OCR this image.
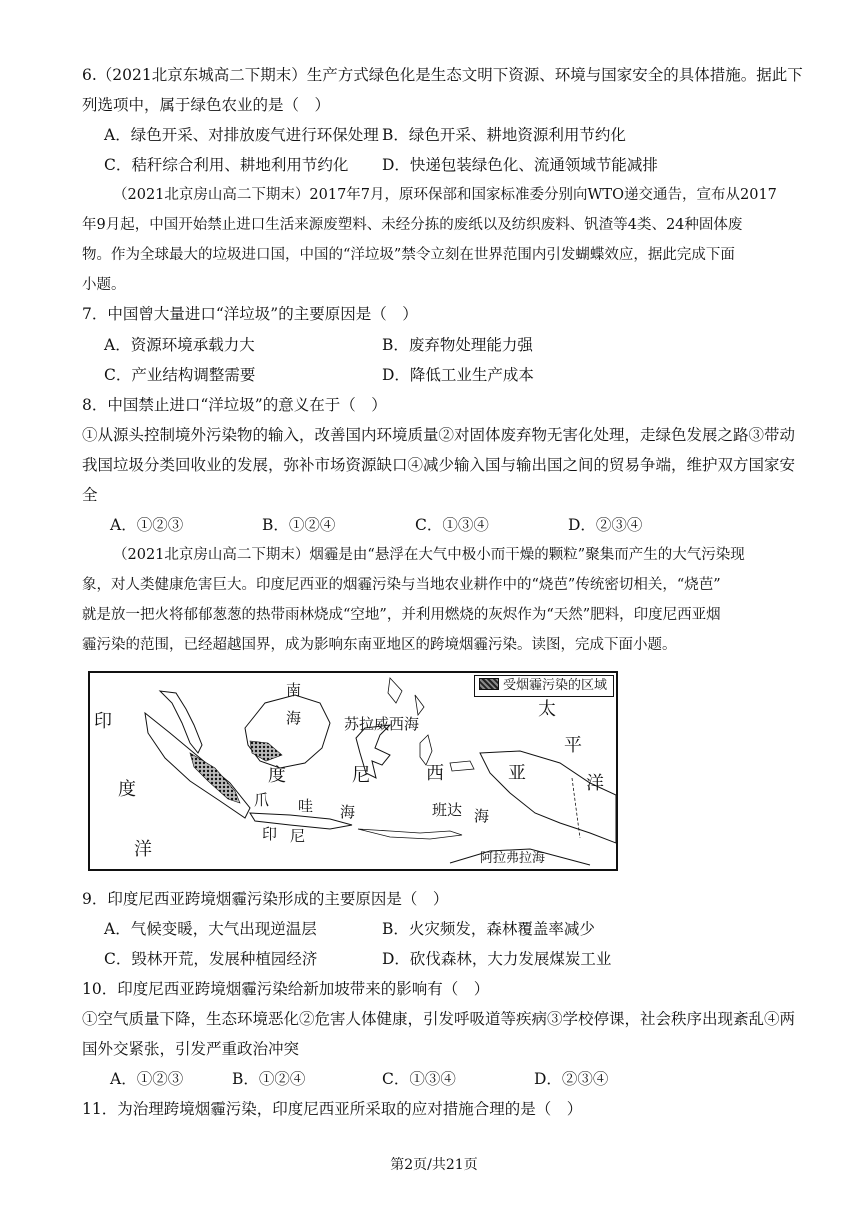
6.（2021北京东城高二下期末）生产方式绿色化是生态文明下资源、环境与国家安全的具体措施。据此下
列选项中，属于绿色农业的是（　）
A．绿色开采、对排放废气进行环保处理 B．绿色开采、耕地资源利用节约化
C．秸秆综合利用、耕地利用节约化 D．快递包装绿色化、流通领域节能减排
（2021北京房山高二下期末）2017年7月，原环保部和国家标准委分别向WTO递交通告，宣布从2017
年9月起，中国开始禁止进口生活来源废塑料、未经分拣的废纸以及纺织废料、钒渣等4类、24种固体废
物。作为全球最大的垃圾进口国，中国的“洋垃圾”禁令立刻在世界范围内引发蝴蝶效应，据此完成下面
小题。
7．中国曾大量进口“洋垃圾”的主要原因是（　）
A．资源环境承载力大	B．废弃物处理能力强
C．产业结构调整需要	D．降低工业生产成本
8．中国禁止进口“洋垃圾”的意义在于（　）
①从源头控制境外污染物的输入，改善国内环境质量②对固体废弃物无害化处理，走绿色发展之路③带动
我国垃圾分类回收业的发展，弥补市场资源缺口④减少输入国与输出国之间的贸易争端，维护双方国家安
全
A．①②③	B．①②④	C．①③④	D．②③④
（2021北京房山高二下期末）烟霾是由“悬浮在大气中极小而干燥的颗粒”聚集而产生的大气污染现
象，对人类健康危害巨大。印度尼西亚的烟霾污染与当地农业耕作中的“烧芭”传统密切相关，“烧芭”
就是放一把火将郁郁葱葱的热带雨林烧成“空地”，并利用燃烧的灰烬作为“天然”肥料，印度尼西亚烟
霾污染的范围，已经超越国界，成为影响东南亚地区的跨境烟霾污染。读图，完成下面小题。
受烟霾污染的区域
印
度
洋
南
海	苏拉威西海
太
平
洋
度	尼	西	亚
爪 哇 海	班达 海
印 尼
阿拉弗拉海
9．印度尼西亚跨境烟霾污染形成的主要原因是（　）
A．气候变暖，大气出现逆温层	B．火灾频发，森林覆盖率减少
C．毁林开荒，发展种植园经济	D．砍伐森林，大力发展煤炭工业
10．印度尼西亚跨境烟霾污染给新加坡带来的影响有（　）
①空气质量下降，生态环境恶化②危害人体健康，引发呼吸道等疾病③学校停课，社会秩序出现紊乱④两
国外交紧张，引发严重政治冲突
A．①②③	B．①②④	C．①③④	D．②③④
11．为治理跨境烟霾污染，印度尼西亚所采取的应对措施合理的是（　）
第2页/共21页
